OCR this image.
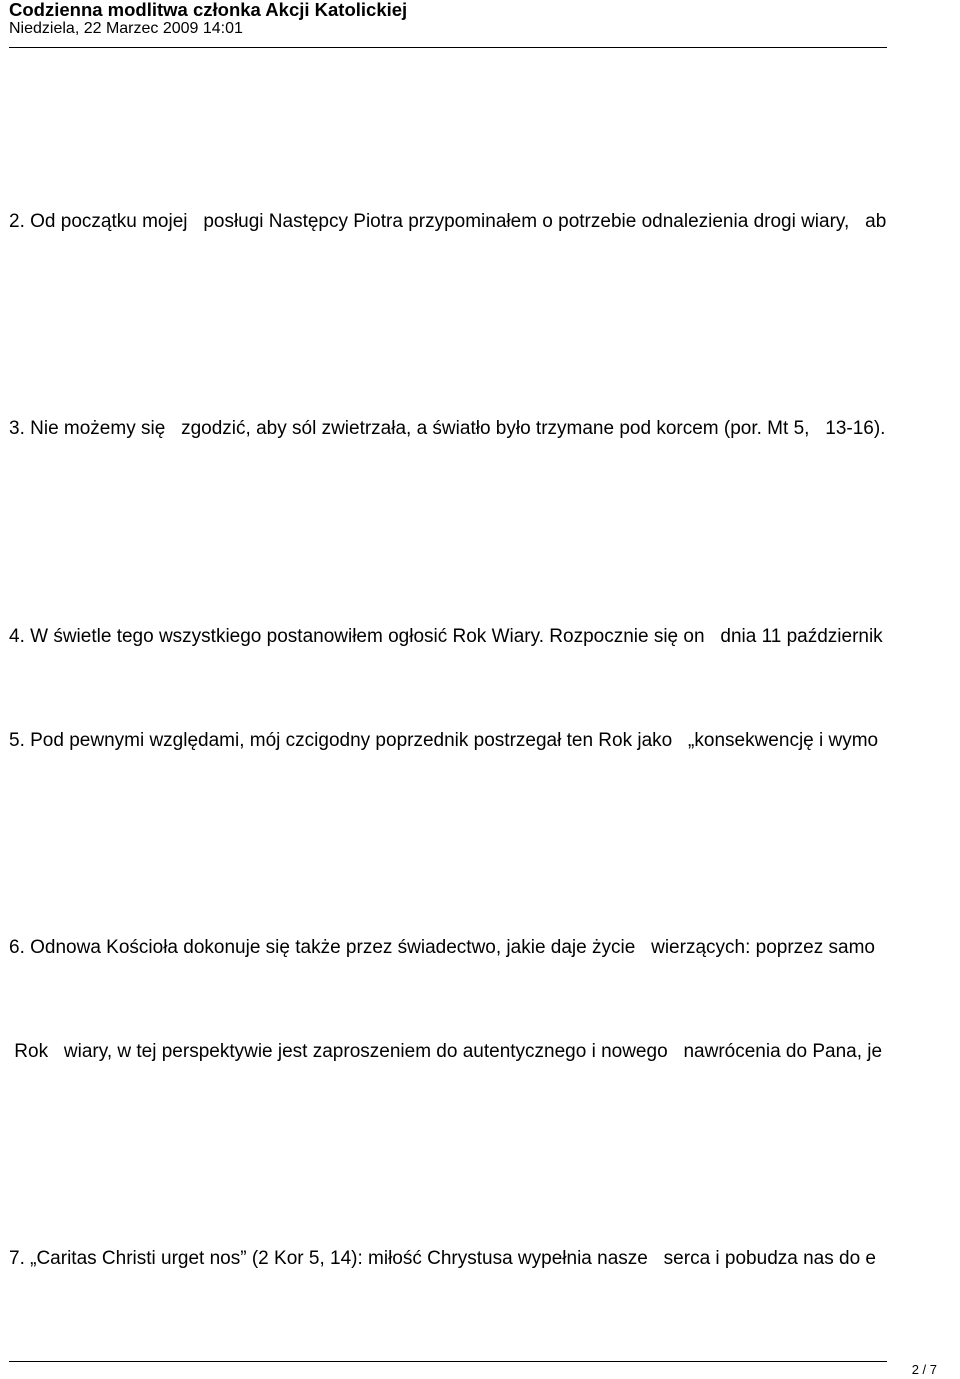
Codzienna modlitwa członka Akcji Katolickiej
Niedziela, 22 Marzec 2009 14:01
2. Od początku mojej   posługi Następcy Piotra przypominałem o potrzebie odnalezienia drogi wiary,   ab
3. Nie możemy się   zgodzić, aby sól zwietrzała, a światło było trzymane pod korcem (por. Mt 5,   13-16).
4. W świetle tego wszystkiego postanowiłem ogłosić Rok Wiary. Rozpocznie się on   dnia 11 październik
5. Pod pewnymi względami, mój czcigodny poprzednik postrzegał ten Rok jako   „konsekwencję i wymo
6. Odnowa Kościoła dokonuje się także przez świadectwo, jakie daje życie   wierzących: poprzez samo
Rok   wiary, w tej perspektywie jest zaproszeniem do autentycznego i nowego   nawrócenia do Pana, je
7. „Caritas Christi urget nos” (2 Kor 5, 14): miłość Chrystusa wypełnia nasze   serca i pobudza nas do e
2 / 7
